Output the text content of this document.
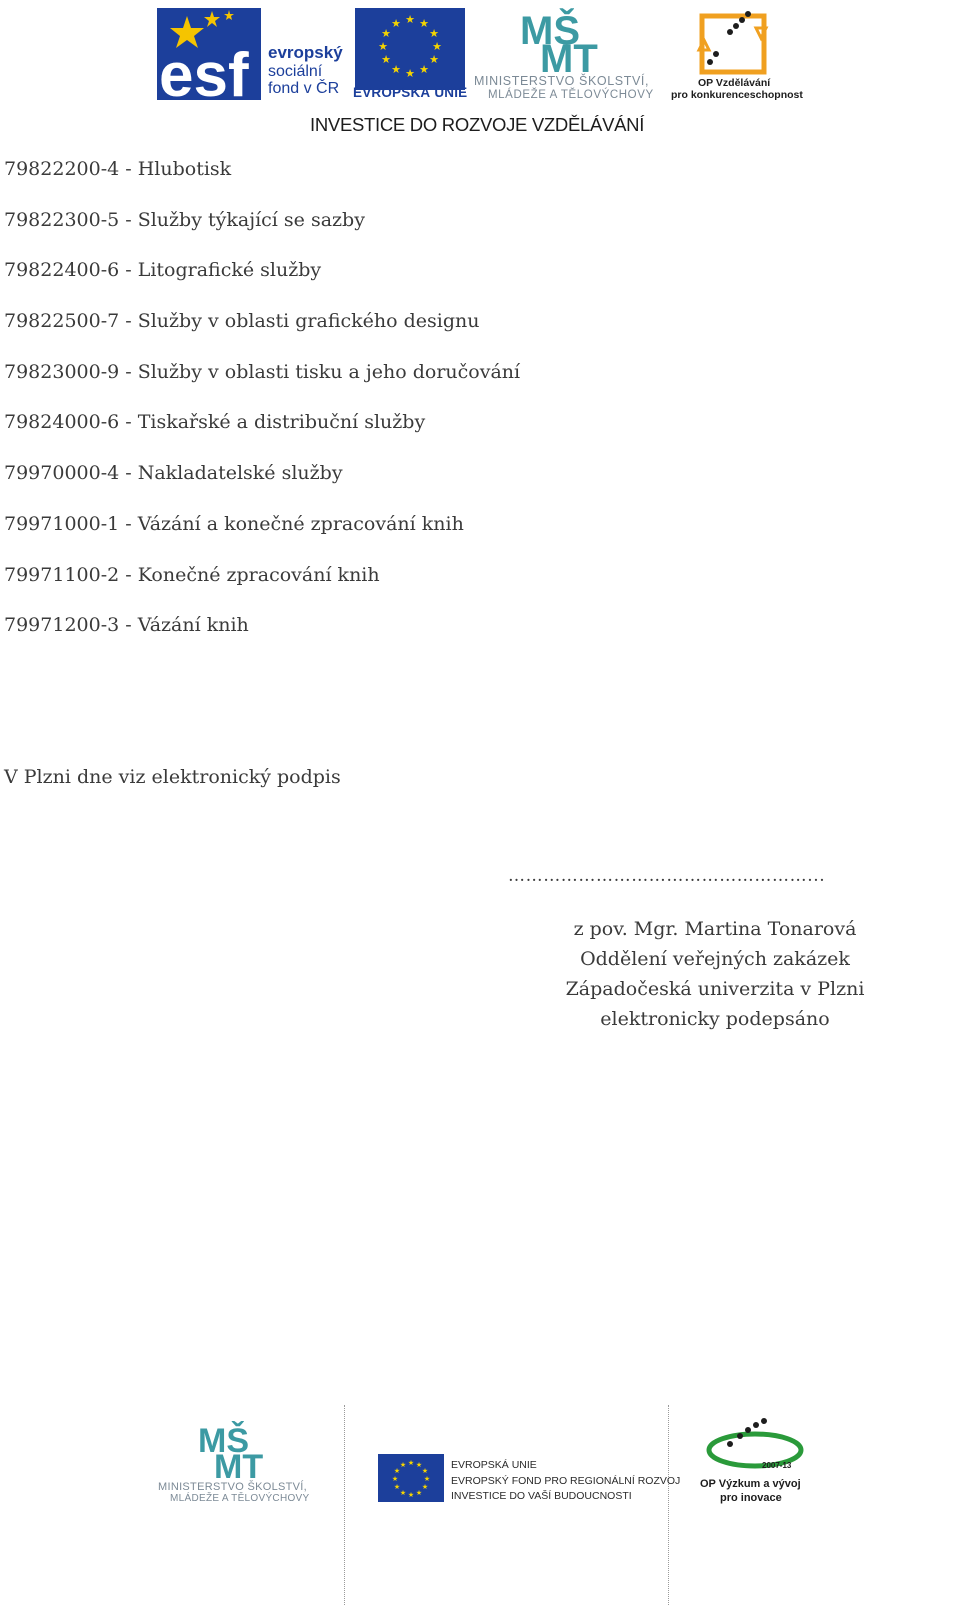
esf evropský
sociální
fond v ČR
★ ★
★
★
★
★
★
★
★
★
★
★
EVROPSKÁ UNIE
MŠ
MT
MINISTERSTVO ŠKOLSTVÍ,
MLÁDEŽE A TĚLOVÝCHOVY
OP Vzdělávání
pro konkurenceschopnost
INVESTICE DO ROZVOJE VZDĚLÁVÁNÍ
79822200-4 - Hlubotisk
79822300-5 - Služby týkající se sazby
79822400-6 - Litografické služby
79822500-7 - Služby v oblasti grafického designu
79823000-9 - Služby v oblasti tisku a jeho doručování
79824000-6 - Tiskařské a distribuční služby
79970000-4 - Nakladatelské služby
79971000-1 - Vázání a konečné zpracování knih
79971100-2 - Konečné zpracování knih
79971200-3 - Vázání knih
V Plzni dne viz elektronický podpis
……………………………………………...
z pov. Mgr. Martina Tonarová
Oddělení veřejných zakázek
Západočeská univerzita v Plzni
elektronicky podepsáno
MŠ
MT
MINISTERSTVO ŠKOLSTVÍ,
MLÁDEŽE A TĚLOVÝCHOVY
★ ★
★
★
★
★
★
★
★
★
★
★	EVROPSKÁ UNIE
EVROPSKÝ FOND PRO REGIONÁLNÍ ROZVOJ
INVESTICE DO VAŠÍ BUDOUCNOSTI
2007-13
OP Výzkum a vývoj
pro inovace
